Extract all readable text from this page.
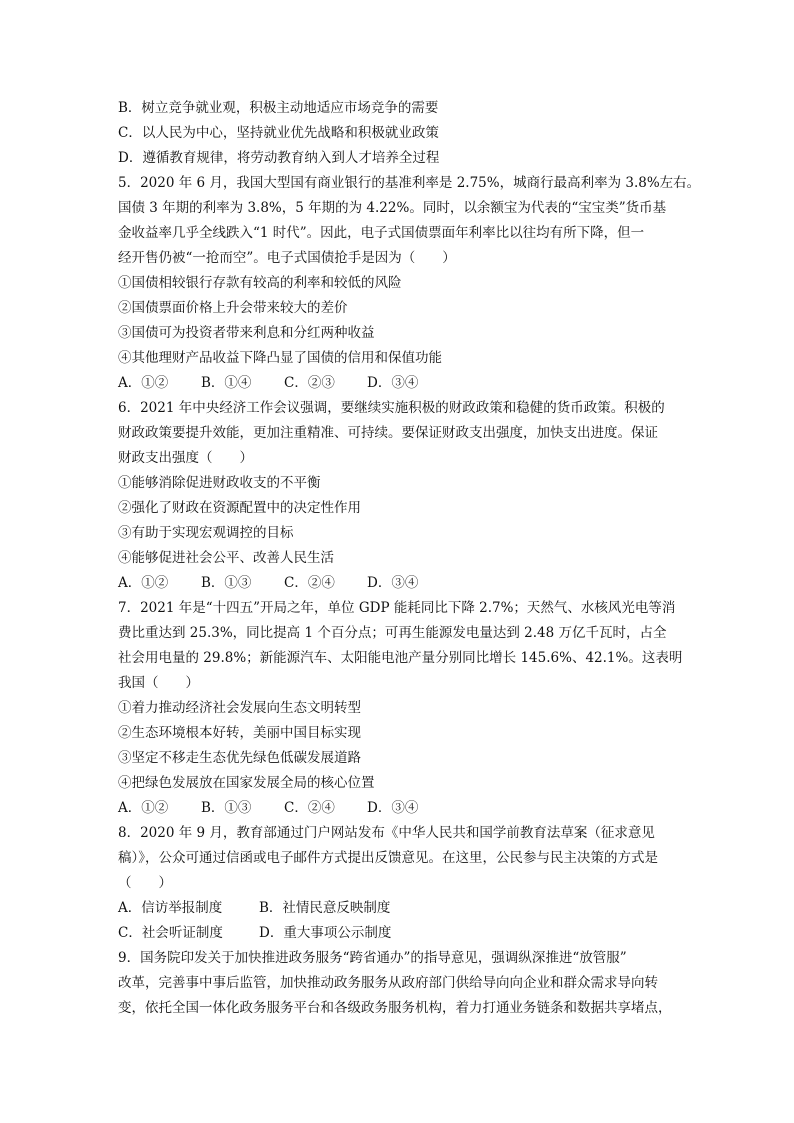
B．树立竞争就业观，积极主动地适应市场竞争的需要
C．以人民为中心，坚持就业优先战略和积极就业政策
D．遵循教育规律，将劳动教育纳入到人才培养全过程
5．2020 年 6 月，我国大型国有商业银行的基准利率是 2.75%，城商行最高利率为 3.8%左右。
国债 3 年期的利率为 3.8%，5 年期的为 4.22%。同时，以余额宝为代表的“宝宝类”货币基
金收益率几乎全线跌入“1 时代”。因此，电子式国债票面年利率比以往均有所下降，但一
经开售仍被“一抢而空”。电子式国债抢手是因为（　　）
①国债相较银行存款有较高的利率和较低的风险
②国债票面价格上升会带来较大的差价
③国债可为投资者带来利息和分红两种收益
④其他理财产品收益下降凸显了国债的信用和保值功能
A．①②	B．①④	C．②③	D．③④
6．2021 年中央经济工作会议强调，要继续实施积极的财政政策和稳健的货币政策。积极的
财政政策要提升效能，更加注重精准、可持续。要保证财政支出强度，加快支出进度。保证
财政支出强度（　　）
①能够消除促进财政收支的不平衡
②强化了财政在资源配置中的决定性作用
③有助于实现宏观调控的目标
④能够促进社会公平、改善人民生活
A．①②	B．①③	C．②④	D．③④
7．2021 年是“十四五”开局之年，单位 GDP 能耗同比下降 2.7%；天然气、水核风光电等消
费比重达到 25.3%，同比提高 1 个百分点；可再生能源发电量达到 2.48 万亿千瓦时，占全
社会用电量的 29.8%；新能源汽车、太阳能电池产量分别同比增长 145.6%、42.1%。这表明
我国（　　）
①着力推动经济社会发展向生态文明转型
②生态环境根本好转，美丽中国目标实现
③坚定不移走生态优先绿色低碳发展道路
④把绿色发展放在国家发展全局的核心位置
A．①②	B．①③	C．②④	D．③④
8．2020 年 9 月，教育部通过门户网站发布《中华人民共和国学前教育法草案（征求意见
稿）》，公众可通过信函或电子邮件方式提出反馈意见。在这里，公民参与民主决策的方式是
（　　）
A．信访举报制度	B．社情民意反映制度
C．社会听证制度	D．重大事项公示制度
9．国务院印发关于加快推进政务服务“跨省通办”的指导意见，强调纵深推进“放管服”
改革，完善事中事后监管，加快推动政务服务从政府部门供给导向向企业和群众需求导向转
变，依托全国一体化政务服务平台和各级政务服务机构，着力打通业务链条和数据共享堵点，
